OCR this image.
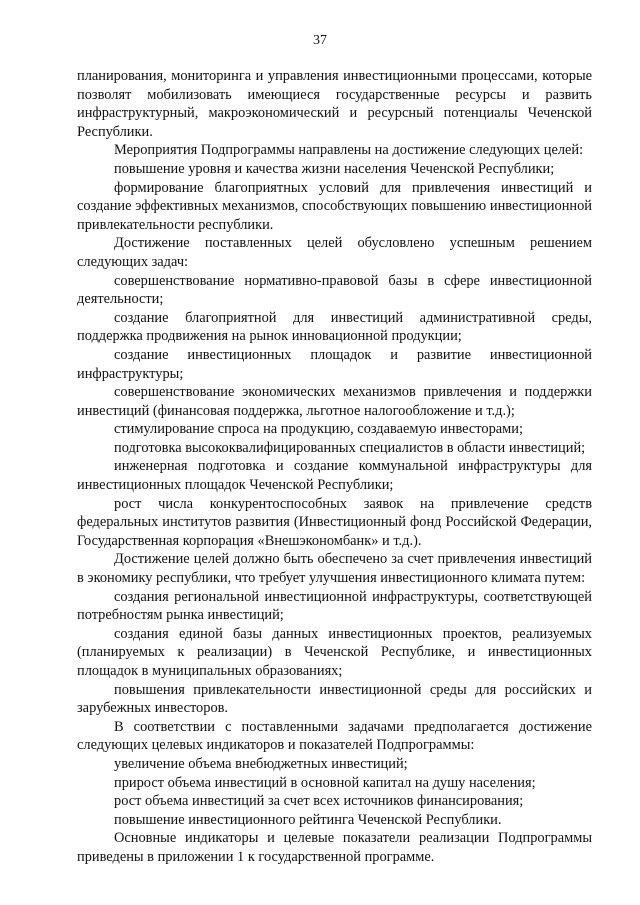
37

планирования, мониторинга и управления инвестиционными процессами, которые позволят мобилизовать имеющиеся государственные ресурсы и развить инфраструктурный, макроэкономический и ресурсный потенциалы Чеченской Республики.

Мероприятия Подпрограммы направлены на достижение следующих целей:

повышение уровня и качества жизни населения Чеченской Республики;

формирование благоприятных условий для привлечения инвестиций и создание эффективных механизмов, способствующих повышению инвестиционной привлекательности республики.

Достижение поставленных целей обусловлено успешным решением следующих задач:

совершенствование нормативно-правовой базы в сфере инвестиционной деятельности;

создание благоприятной для инвестиций административной среды, поддержка продвижения на рынок инновационной продукции;

создание инвестиционных площадок и развитие инвестиционной инфраструктуры;

совершенствование экономических механизмов привлечения и поддержки инвестиций (финансовая поддержка, льготное налогообложение и т.д.);

стимулирование спроса на продукцию, создаваемую инвесторами;

подготовка высококвалифицированных специалистов в области инвестиций;

инженерная подготовка и создание коммунальной инфраструктуры для инвестиционных площадок Чеченской Республики;

рост числа конкурентоспособных заявок на привлечение средств федеральных институтов развития (Инвестиционный фонд Российской Федерации, Государственная корпорация «Внешэкономбанк» и т.д.).

Достижение целей должно быть обеспечено за счет привлечения инвестиций в экономику республики, что требует улучшения инвестиционного климата путем:

создания региональной инвестиционной инфраструктуры, соответствующей потребностям рынка инвестиций;

создания единой базы данных инвестиционных проектов, реализуемых (планируемых к реализации) в Чеченской Республике, и инвестиционных площадок в муниципальных образованиях;

повышения привлекательности инвестиционной среды для российских и зарубежных инвесторов.

В соответствии с поставленными задачами предполагается достижение следующих целевых индикаторов и показателей Подпрограммы:

увеличение объема внебюджетных инвестиций;

прирост объема инвестиций в основной капитал на душу населения;

рост объема инвестиций за счет всех источников финансирования;

повышение инвестиционного рейтинга Чеченской Республики.

Основные индикаторы и целевые показатели реализации Подпрограммы приведены в приложении 1 к государственной программе.
